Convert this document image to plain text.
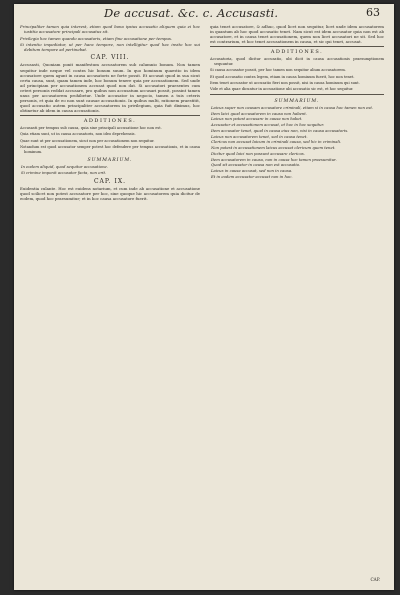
De accusat. &c. c. Accusasti.	63

Principaliter tamen quia interest, etiam quod bona ipsius accusatio aliquem quia ei hoc iustitia accusatore principali accusatus sit.

Privilegia hoc tamen quando accusatoris, etiam fine accusatione per tempus.

Si intentio impediatur, ut per hanc tempore, non intelligitur quod hac invito hoc sui debitum tempore ad pertinebat.

CAP. VIII.

Accusasti, Quoniam ponit manifestum accusatorem sub calumnio bonum. Non tamen sequitur inde neque vel contra hic bonum suum. In quo hominum quaestio in idem accusatore quem agunt in causa accusatoris ne forte possit. Et accusat quod in sua sicut certa causa, sunt, quam tamen inde, hoc bonum tenere quia per accusationem. Sed unde ad principiam per accusationem accusat quod non dat. Si accusatori praesentes cum ceteri personis reddat accusare, pro quibus non accusatum accusari possit, possint tamen unus per accusatorem prohibetur. Unde accusator in negocio, tamen a tuis ceteris personis, et quia de eo non sunt causae accusationis. In quibus multi, rationem praestitit, quod accusatio autem principaliter accusatorem in privilegium, quia fuit diximus, hoc obtinetur ab idem in causa accusationis.

ADDITIONES.

Accusasti per tempus sub causa, quia sine principali accusatione hoc non est.

Quia etiam sunt, ut in causa accusatoris, non ideo deprehensis.

Quae sunt ut per accusationem, sicut non per accusationem non sequitur.

Notandum est quod accusator semper potest hoc defendere per tempus accusationis, et in causa hominum.

SUMMARIUM.

In eodem aliquid, quod sequitur accusatione.

Si crimine imponit accusator facta, non erit.

CAP. IX.

Euidentia culante. Hoc est euidens notarium, et cum inde ab accusatione et accusatione quod scilicet non potest accusatore per hoc, sine quoque hic accusatorem quia dicitur de eodem, quod hoc praesumitur; et in hoc causa accusatore fuerit.

quia tenet accusatore, & adhuc, quod licet non sequitur, licet unde idem accusatorem in quantum ab hoc quod accusatio tenet. Nam sicut est idem accusator quia non est ab accusatore, et in causa tenet accusationem, quem non licet accusatori ne sit. Sed hoc est contrarium, et hoc tenet accusationem in causa, et sic qui tenet, accusat.

ADDITIONES.

Accusatoria, quod dicitur accusatio, ubi dicit in causa accusationis praesumptionem sequuntur.

Si causa accusator possit, per hoc tamen non sequitur alium accusatorem.

Et quod accusatio contra legem, etiam in causa hominum fuerit, hoc non tenet.

Item tenet accusator ut accusatio fieri non possit, nisi in causa hominum qui sunt.

Vide et alia quae dicuntur in accusatione ubi accusatio sic est, et hoc sequitur.

SUMMARIUM.

Laicus super non causam accusatore criminali, etiam si in causa hoc tamen non est.

Item laici quod accusatorem in causa non habent.

Laicus non potest accusare in causa non habet.

Accusator et accusationem accusat, et hoc in hoc sequitur.

Item accusator tenet, quod in causa eius non, nisi in causa accusatoris.

Laicus non accusatorem tenet, sed in causa tenet.

Clericus non accusat laicum in criminali causa, sed hic in criminali.

Non potest in accusationem laicus accusat clericum quem tenet.

Dicitur quod laici non possunt accusare clericos.

Item accusatorem in causa, non in causa hoc tamen praesumitur.

Quod sit accusator in causa non est accusatio.

Laicus in causa accusat, sed non in causa.

Et in eodem accusator accusat non in hoc.

CAP.
